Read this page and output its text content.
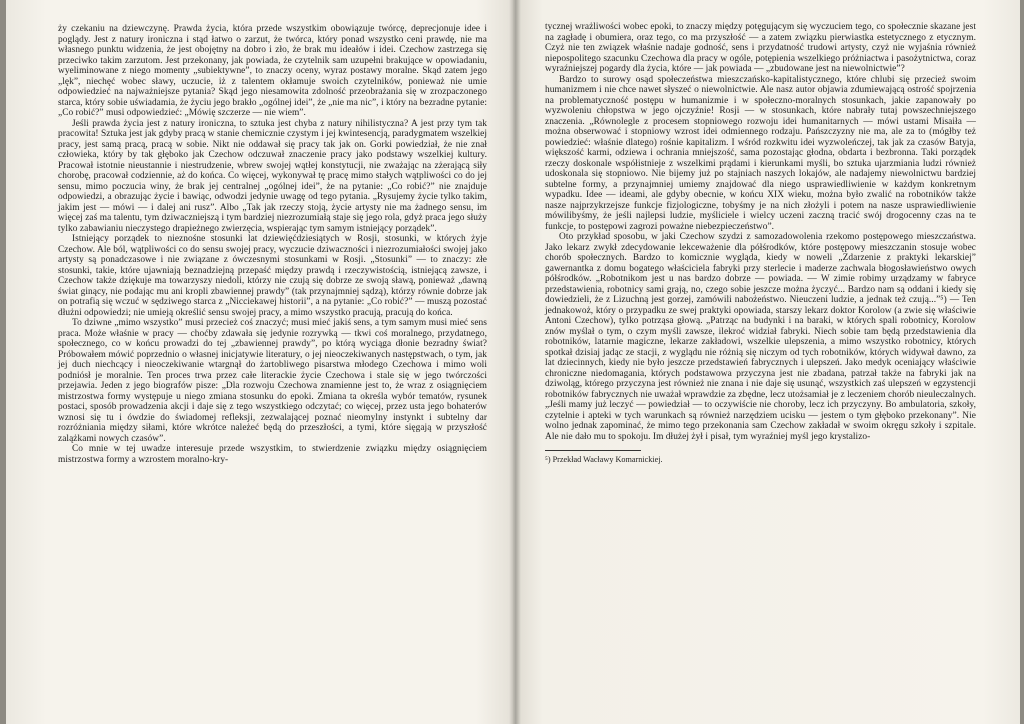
ży czekaniu na dziewczynę. Prawda życia, która przede wszystkim obowiązuje twórcę, deprecjonuje idee i poglądy. Jest z natury ironiczna i stąd łatwo o zarzut, że twórca, który ponad wszystko ceni prawdę, nie ma własnego punktu widzenia, że jest obojętny na dobro i zło, że brak mu ideałów i idei. Czechow zastrzega się przeciwko takim zarzutom. Jest przekonany, jak powiada, że czytelnik sam uzupełni brakujące w opowiadaniu, wyeliminowane z niego momenty „subiektywne”, to znaczy oceny, wyraz postawy moralne. Skąd zatem jego „lęk”, niechęć wobec sławy, uczucie, iż z talentem okłamuje swoich czytelników, ponieważ nie umie odpowiedzieć na najważniejsze pytania? Skąd jego niesamowita zdolność przeobrażania się w zrozpaczonego starca, który sobie uświadamia, że życiu jego brakło „ogólnej idei”, że „nie ma nic”, i który na bezradne pytanie: „Co robić?” musi odpowiedzieć: „Mówię szczerze — nie wiem”.

Jeśli prawda życia jest z natury ironiczna, to sztuka jest chyba z natury nihilistyczna? A jest przy tym tak pracowita! Sztuka jest jak gdyby pracą w stanie chemicznie czystym i jej kwintesencją, paradygmatem wszelkiej pracy, jest samą pracą, pracą w sobie. Nikt nie oddawał się pracy tak jak on. Gorki powiedział, że nie znał człowieka, który by tak głęboko jak Czechow odczuwał znaczenie pracy jako podstawy wszelkiej kultury. Pracował istotnie nieustannie i niestrudzenie, wbrew swojej wątłej konstytucji, nie zważając na zżerającą siły chorobę, pracował codziennie, aż do końca. Co więcej, wykonywał tę pracę mimo stałych wątpliwości co do jej sensu, mimo poczucia winy, że brak jej centralnej „ogólnej idei”, że na pytanie: „Co robić?” nie znajduje odpowiedzi, a obrazując życie i bawiąc, odwodzi jedynie uwagę od tego pytania. „Rysujemy życie tylko takim, jakim jest — mówi — i dalej ani rusz”. Albo „Tak jak rzeczy stoją, życie artysty nie ma żadnego sensu, im więcej zaś ma talentu, tym dziwaczniejszą i tym bardziej niezrozumiałą staje się jego rola, gdyż praca jego służy tylko zabawianiu nieczystego drapieżnego zwierzęcia, wspierając tym samym istniejący porządek”.

Istniejący porządek to nieznośne stosunki lat dziewięćdziesiątych w Rosji, stosunki, w których żyje Czechow. Ale ból, wątpliwości co do sensu swojej pracy, wyczucie dziwaczności i niezrozumiałości swojej jako artysty są ponadczasowe i nie związane z ówczesnymi stosunkami w Rosji. „Stosunki” — to znaczy: złe stosunki, takie, które ujawniają beznadziejną przepaść między prawdą i rzeczywistością, istniejącą zawsze, i Czechow także dziękuje ma towarzyszy niedoli, którzy nie czują się dobrze ze swoją sławą, ponieważ „dawną świat ginący, nie podając mu ani kropli zbawiennej prawdy” (tak przynajmniej sądzą), którzy równie dobrze jak on potrafią się wczuć w sędziwego starca z „Nicciekawej historii”, a na pytanie: „Co robić?” — muszą pozostać dłużni odpowiedzi; nie umieją określić sensu swojej pracy, a mimo wszystko pracują, pracują do końca.

To dziwne „mimo wszystko” musi przecież coś znaczyć; musi mieć jakiś sens, a tym samym musi mieć sens praca. Może właśnie w pracy — choćby zdawała się jedynie rozrywką — tkwi coś moralnego, przydatnego, społecznego, co w końcu prowadzi do tej „zbawiennej prawdy”, po którą wyciąga dłonie bezradny świat? Próbowałem mówić poprzednio o własnej inicjatywie literatury, o jej nieoczekiwanych następstwach, o tym, jak jej duch niechcący i nieoczekiwanie wtargnął do żartobliwego pisarstwa młodego Czechowa i mimo woli podniósł je moralnie. Ten proces trwa przez całe literackie życie Czechowa i stale się w jego twórczości przejawia. Jeden z jego biografów pisze: „Dla rozwoju Czechowa znamienne jest to, że wraz z osiągnięciem mistrzostwa formy występuje u niego zmiana stosunku do epoki. Zmiana ta określa wybór tematów, rysunek postaci, sposób prowadzenia akcji i daje się z tego wszystkiego odczytać; co więcej, przez usta jego bohaterów wznosi się tu i ówdzie do świadomej refleksji, zezwalającej poznać nieomylny instynkt i subtelny dar rozróżniania między siłami, które wkrótce należeć będą do przeszłości, a tymi, które sięgają w przyszłość zalążkami nowych czasów”.

Co mnie w tej uwadze interesuje przede wszystkim, to stwierdzenie związku między osiągnięciem mistrzostwa formy a wzrostem moralno-kry-

tycznej wrażliwości wobec epoki, to znaczy między potęgującym się wyczuciem tego, co społecznie skazane jest na zagładę i obumiera, oraz tego, co ma przyszłość — a zatem związku pierwiastka estetycznego z etycznym. Czyż nie ten związek właśnie nadaje godność, sens i przydatność trudowi artysty, czyż nie wyjaśnia również niepospolitego szacunku Czechowa dla pracy w ogóle, potępienia wszelkiego próżniactwa i pasożytnictwa, coraz wyraźniejszej pogardy dla życia, które — jak powiada — „zbudowane jest na niewolnictwie”?

Bardzo to surowy osąd społeczeństwa mieszczańsko-kapitalistycznego, które chlubi się przecież swoim humanizmem i nie chce nawet słyszeć o niewolnictwie. Ale nasz autor objawia zdumiewającą ostrość spojrzenia na problematyczność postępu w humanizmie i w społeczno-moralnych stosunkach, jakie zapanowały po wyzwoleniu chłopstwa w jego ojczyźnie! Rosji — w stosunkach, które nabrały tutaj powszechniejszego znaczenia. „Równolegle z procesem stopniowego rozwoju idei humanitarnych — mówi ustami Misaiła — można obserwować i stopniowy wzrost idei odmiennego rodzaju. Pańszczyzny nie ma, ale za to (mógłby też powiedzieć: właśnie dlatego) rośnie kapitalizm. I wśród rozkwitu idei wyzwoleńczej, tak jak za czasów Batyja, większość karmi, odziewa i ochrania mniejszość, sama pozostając głodna, obdarta i bezbronna. Taki porządek rzeczy doskonale współistnieje z wszelkimi prądami i kierunkami myśli, bo sztuka ujarzmiania ludzi również udoskonala się stopniowo. Nie bijemy już po stajniach naszych lokajów, ale nadajemy niewolnictwu bardziej subtelne formy, a przynajmniej umiemy znajdować dla niego usprawiedliwienie w każdym konkretnym wypadku. Idee — ideami, ale gdyby obecnie, w końcu XIX wieku, można było zwalić na robotników także nasze najprzykrzejsze funkcje fizjologiczne, tobyśmy je na nich złożyli i potem na nasze usprawiedliwienie mówilibyśmy, że jeśli najlepsi ludzie, myśliciele i wielcy uczeni zaczną tracić swój drogocenny czas na te funkcje, to postępowi zagrozi poważne niebezpieczeństwo”.

Oto przykład sposobu, w jaki Czechow szydzi z samozadowolenia rzekomo postępowego mieszczaństwa. Jako lekarz zwykł zdecydowanie lekceważenie dla półśrodków, które postępowy mieszczanin stosuje wobec chorób społecznych. Bardzo to komicznie wygląda, kiedy w noweli „Zdarzenie z praktyki lekarskiej” gawernantka z domu bogatego właściciela fabryki przy sterlecie i maderze zachwala błogosławieństwo owych półśrodków. „Robotnikom jest u nas bardzo dobrze — powiada. — W zimie robimy urządzamy w fabryce przedstawienia, robotnicy sami grają, no, czego sobie jeszcze można życzyć... Bardzo nam są oddani i kiedy się dowiedzieli, że z Lizuchną jest gorzej, zamówili nabożeństwo. Nieuczeni ludzie, a jednak też czują...”⁵) — Ten jednakowoż, który o przypadku ze swej praktyki opowiada, starszy lekarz doktor Korolow (a zwie się właściwie Antoni Czechow), tylko potrząsa głową. „Patrząc na budynki i na baraki, w których spali robotnicy, Korolow znów myślał o tym, o czym myśli zawsze, ilekroć widział fabryki. Niech sobie tam będą przedstawienia dla robotników, latarnie magiczne, lekarze zakładowi, wszelkie ulepszenia, a mimo wszystko robotnicy, których spotkał dzisiaj jadąc ze stacji, z wyglądu nie różnią się niczym od tych robotników, których widywał dawno, za lat dziecinnych, kiedy nie było jeszcze przedstawień fabrycznych i ulepszeń. Jako medyk oceniający właściwie chroniczne niedomagania, których podstawowa przyczyna jest nie zbadana, patrzał także na fabryki jak na dziwoląg, którego przyczyna jest również nie znana i nie daje się usunąć, wszystkich zaś ulepszeń w egzystencji robotników fabrycznych nie uważał wprawdzie za zbędne, lecz utożsamiał je z leczeniem chorób nieuleczalnych. „Jeśli mamy już leczyć — powiedział — to oczywiście nie choroby, lecz ich przyczyny. Bo ambulatoria, szkoły, czytelnie i apteki w tych warunkach są również narzędziem ucisku — jestem o tym głęboko przekonany”. Nie wolno jednak zapominać, że mimo tego przekonania sam Czechow zakładał w swoim okręgu szkoły i szpitale. Ale nie dało mu to spokoju. Im dłużej żył i pisał, tym wyraźniej myśl jego krystalizo-

⁵) Przekład Wacławy Komarnickiej.
